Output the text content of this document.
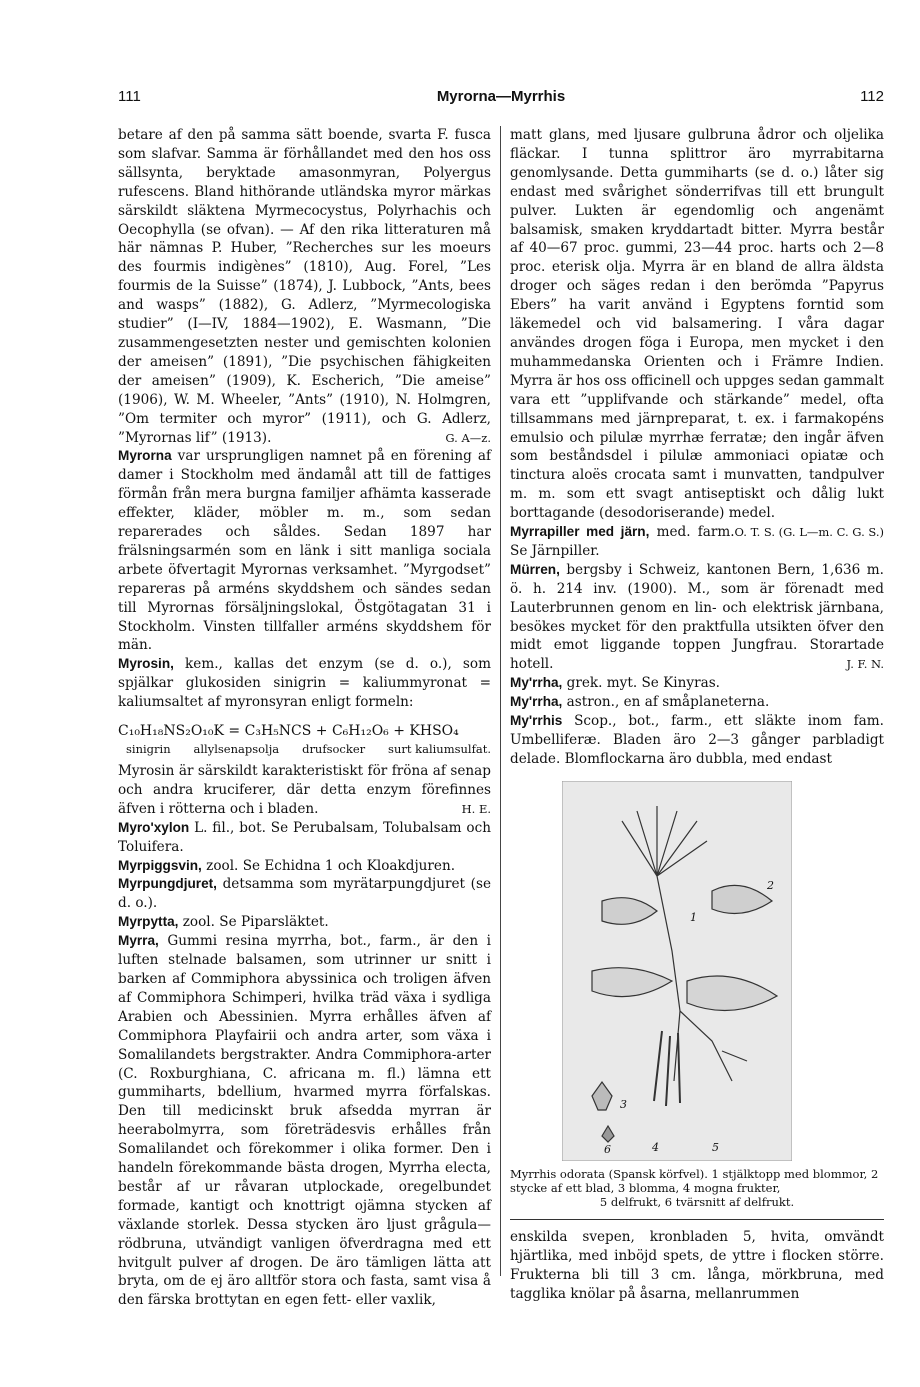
111	Myrorna—Myrrhis	112

betare af den på samma sätt boende, svarta F. fusca som slafvar. Samma är förhållandet med den hos oss sällsynta, beryktade amasonmyran, Polyergus rufescens. Bland hithörande utländska myror märkas särskildt släktena Myrmecocystus, Polyrhachis och Oecophylla (se ofvan). — Af den rika litteraturen må här nämnas P. Huber, ”Recherches sur les moeurs des fourmis indigènes” (1810), Aug. Forel, ”Les fourmis de la Suisse” (1874), J. Lubbock, ”Ants, bees and wasps” (1882), G. Adlerz, ”Myrmecologiska studier” (I—IV, 1884—1902), E. Wasmann, ”Die zusammengesetzten nester und gemischten kolonien der ameisen” (1891), ”Die psychischen fähigkeiten der ameisen” (1909), K. Escherich, ”Die ameise” (1906), W. M. Wheeler, ”Ants” (1910), N. Holmgren, ”Om termiter och myror” (1911), och G. Adlerz, ”Myrornas lif” (1913).	G. A—z.

Myrorna var ursprungligen namnet på en förening af damer i Stockholm med ändamål att till de fattiges förmån från mera burgna familjer afhämta kasserade effekter, kläder, möbler m. m., som sedan reparerades och såldes. Sedan 1897 har frälsningsarmén som en länk i sitt manliga sociala arbete öfvertagit Myrornas verksamhet. ”Myrgodset” repareras på arméns skyddshem och sändes sedan till Myrornas försäljningslokal, Östgötagatan 31 i Stockholm. Vinsten tillfaller arméns skyddshem för män.

Myrosin, kem., kallas det enzym (se d. o.), som spjälkar glukosiden sinigrin = kaliummyronat = kaliumsaltet af myronsyran enligt formeln:

C₁₀H₁₈NS₂O₁₀K = C₃H₅NCS + C₆H₁₂O₆ + KHSO₄
sinigrin allylsenapsolja drufsocker surt kaliumsulfat.

Myrosin är särskildt karakteristiskt för fröna af senap och andra kruciferer, där detta enzym förefinnes äfven i rötterna och i bladen.	H. E.

Myro'xylon L. fil., bot. Se Perubalsam, Tolubalsam och Toluifera.

Myrpiggsvin, zool. Se Echidna 1 och Kloakdjuren.

Myrpungdjuret, detsamma som myrätarpungdjuret (se d. o.).

Myrpytta, zool. Se Piparsläktet.

Myrra, Gummi resina myrrha, bot., farm., är den i luften stelnade balsamen, som utrinner ur snitt i barken af Commiphora abyssinica och troligen äfven af Commiphora Schimperi, hvilka träd växa i sydliga Arabien och Abessinien. Myrra erhålles äfven af Commiphora Playfairii och andra arter, som växa i Somalilandets bergstrakter. Andra Commiphora-arter (C. Roxburghiana, C. africana m. fl.) lämna ett gummiharts, bdellium, hvarmed myrra förfalskas. Den till medicinskt bruk afsedda myrran är heerabolmyrra, som företrädesvis erhålles från Somalilandet och förekommer i olika former. Den i handeln förekommande bästa drogen, Myrrha electa, består af ur råvaran utplockade, oregelbundet formade, kantigt och knottrigt ojämna stycken af växlande storlek. Dessa stycken äro ljust grågula—rödbruna, utvändigt vanligen öfverdragna med ett hvitgult pulver af drogen. De äro tämligen lätta att bryta, om de ej äro alltför stora och fasta, samt visa å den färska brottytan en egen fett- eller vaxlik,

matt glans, med ljusare gulbruna ådror och oljelika fläckar. I tunna splittror äro myrrabitarna genomlysande. Detta gummiharts (se d. o.) låter sig endast med svårighet sönderrifvas till ett brungult pulver. Lukten är egendomlig och angenämt balsamisk, smaken kryddartadt bitter. Myrra består af 40—67 proc. gummi, 23—44 proc. harts och 2—8 proc. eterisk olja. Myrra är en bland de allra äldsta droger och säges redan i den berömda ”Papyrus Ebers” ha varit använd i Egyptens forntid som läkemedel och vid balsamering. I våra dagar användes drogen föga i Europa, men mycket i den muhammedanska Orienten och i Främre Indien. Myrra är hos oss officinell och uppges sedan gammalt vara ett ”upplifvande och stärkande” medel, ofta tillsammans med järnpreparat, t. ex. i farmakopéns emulsio och pilulæ myrrhæ ferratæ; den ingår äfven som beståndsdel i pilulæ ammoniaci opiatæ och tinctura aloës crocata samt i munvatten, tandpulver m. m. som ett svagt antiseptiskt och dålig lukt borttagande (desodoriserande) medel.
O. T. S. (G. L—m. C. G. S.)

Myrrapiller med järn, med. farm. Se Järnpiller.

Mürren, bergsby i Schweiz, kantonen Bern, 1,636 m. ö. h. 214 inv. (1900). M., som är förenadt med Lauterbrunnen genom en lin- och elektrisk järnbana, besökes mycket för den praktfulla utsikten öfver den midt emot liggande toppen Jungfrau. Storartade hotell.	J. F. N.

My'rrha, grek. myt. Se Kinyras.

My'rrha, astron., en af småplaneterna.

My'rrhis Scop., bot., farm., ett släkte inom fam. Umbelliferæ. Bladen äro 2—3 gånger parbladigt delade. Blomflockarna äro dubbla, med endast

1
2
3
4	5
6
Myrrhis odorata (Spansk körfvel). 1 stjälktopp med blommor, 2 stycke af ett blad, 3 blomma, 4 mogna frukter,
5 delfrukt, 6 tvärsnitt af delfrukt.

enskilda svepen, kronbladen 5, hvita, omvändt hjärtlika, med inböjd spets, de yttre i flocken större. Frukterna bli till 3 cm. långa, mörkbruna, med tagglika knölar på åsarna, mellanrummen
